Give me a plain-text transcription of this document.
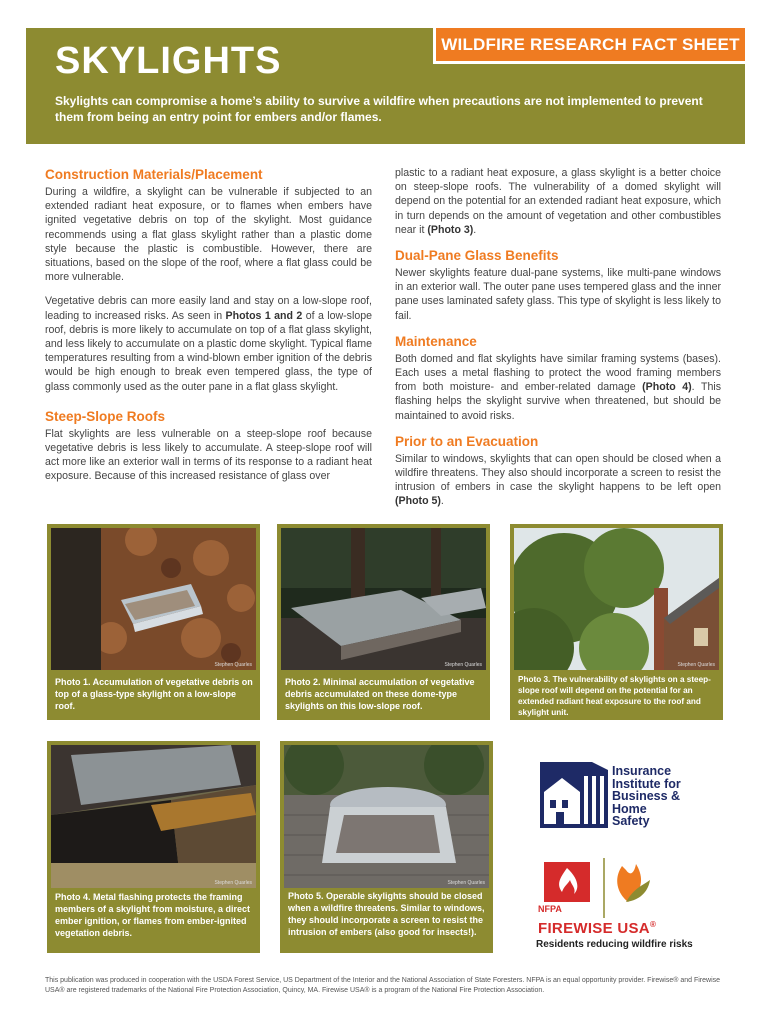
WILDFIRE RESEARCH FACT SHEET
SKYLIGHTS
Skylights can compromise a home’s ability to survive a wildfire when precautions are not implemented to prevent them from being an entry point for embers and/or flames.
Construction Materials/Placement

During a wildfire, a skylight can be vulnerable if subjected to an extended radiant heat exposure, or to flames when embers have ignited vegetative debris on top of the skylight. Most guidance recommends using a flat glass skylight rather than a plastic dome style because the plastic is combustible. However, there are situations, based on the slope of the roof, where a flat glass could be more vulnerable.

Vegetative debris can more easily land and stay on a low-slope roof, leading to increased risks. As seen in Photos 1 and 2 of a low-slope roof, debris is more likely to accumulate on top of a flat glass skylight, and less likely to accumulate on a plastic dome skylight. Typical flame temperatures resulting from a wind-blown ember ignition of the debris would be high enough to break even tempered glass, the type of glass commonly used as the outer pane in a flat glass skylight.

Steep-Slope Roofs

Flat skylights are less vulnerable on a steep-slope roof because vegetative debris is less likely to accumulate. A steep-slope roof will act more like an exterior wall in terms of its response to a radiant heat exposure. Because of this increased resistance of glass over

plastic to a radiant heat exposure, a glass skylight is a better choice on steep-slope roofs. The vulnerability of a domed skylight will depend on the potential for an extended radiant heat exposure, which in turn depends on the amount of vegetation and other combustibles near it (Photo 3).

Dual-Pane Glass Benefits

Newer skylights feature dual-pane systems, like multi-pane windows in an exterior wall. The outer pane uses tempered glass and the inner pane uses laminated safety glass. This type of skylight is less likely to fail.

Maintenance

Both domed and flat skylights have similar framing systems (bases). Each uses a metal flashing to protect the wood framing members from both moisture- and ember-related damage (Photo 4). This flashing helps the skylight survive when threatened, but should be maintained to avoid risks.

Prior to an Evacuation

Similar to windows, skylights that can open should be closed when a wildfire threatens. They also should incorporate a screen to resist the intrusion of embers in case the skylight happens to be left open (Photo 5).

Stephen Quarles
Photo 1. Accumulation of vegetative debris on top of a glass-type skylight on a low-slope roof.
Stephen Quarles
Photo 2. Minimal accumulation of vegetative debris accumulated on these dome-type skylights on this low-slope roof.
Stephen Quarles
Photo 3. The vulnerability of skylights on a steep-slope roof will depend on the potential for an extended radiant heat exposure to the roof and skylight unit.
Stephen Quarles
Photo 4. Metal flashing protects the framing members of a skylight from moisture, a direct ember ignition, or flames from ember-ignited vegetation debris.
Stephen Quarles
Photo 5. Operable skylights should be closed when a wildfire threatens. Similar to windows, they should incorporate a screen to resist the intrusion of embers (also good for insects!).
Insurance
Institute for
Business &
Home
Safety
NFPA
FIREWISE USA®
Residents reducing wildfire risks
This publication was produced in cooperation with the USDA Forest Service, US Department of the Interior and the National Association of State Foresters. NFPA is an equal opportunity provider. Firewise® and Firewise USA® are registered trademarks of the National Fire Protection Association, Quincy, MA. Firewise USA® is a program of the National Fire Protection Association.
